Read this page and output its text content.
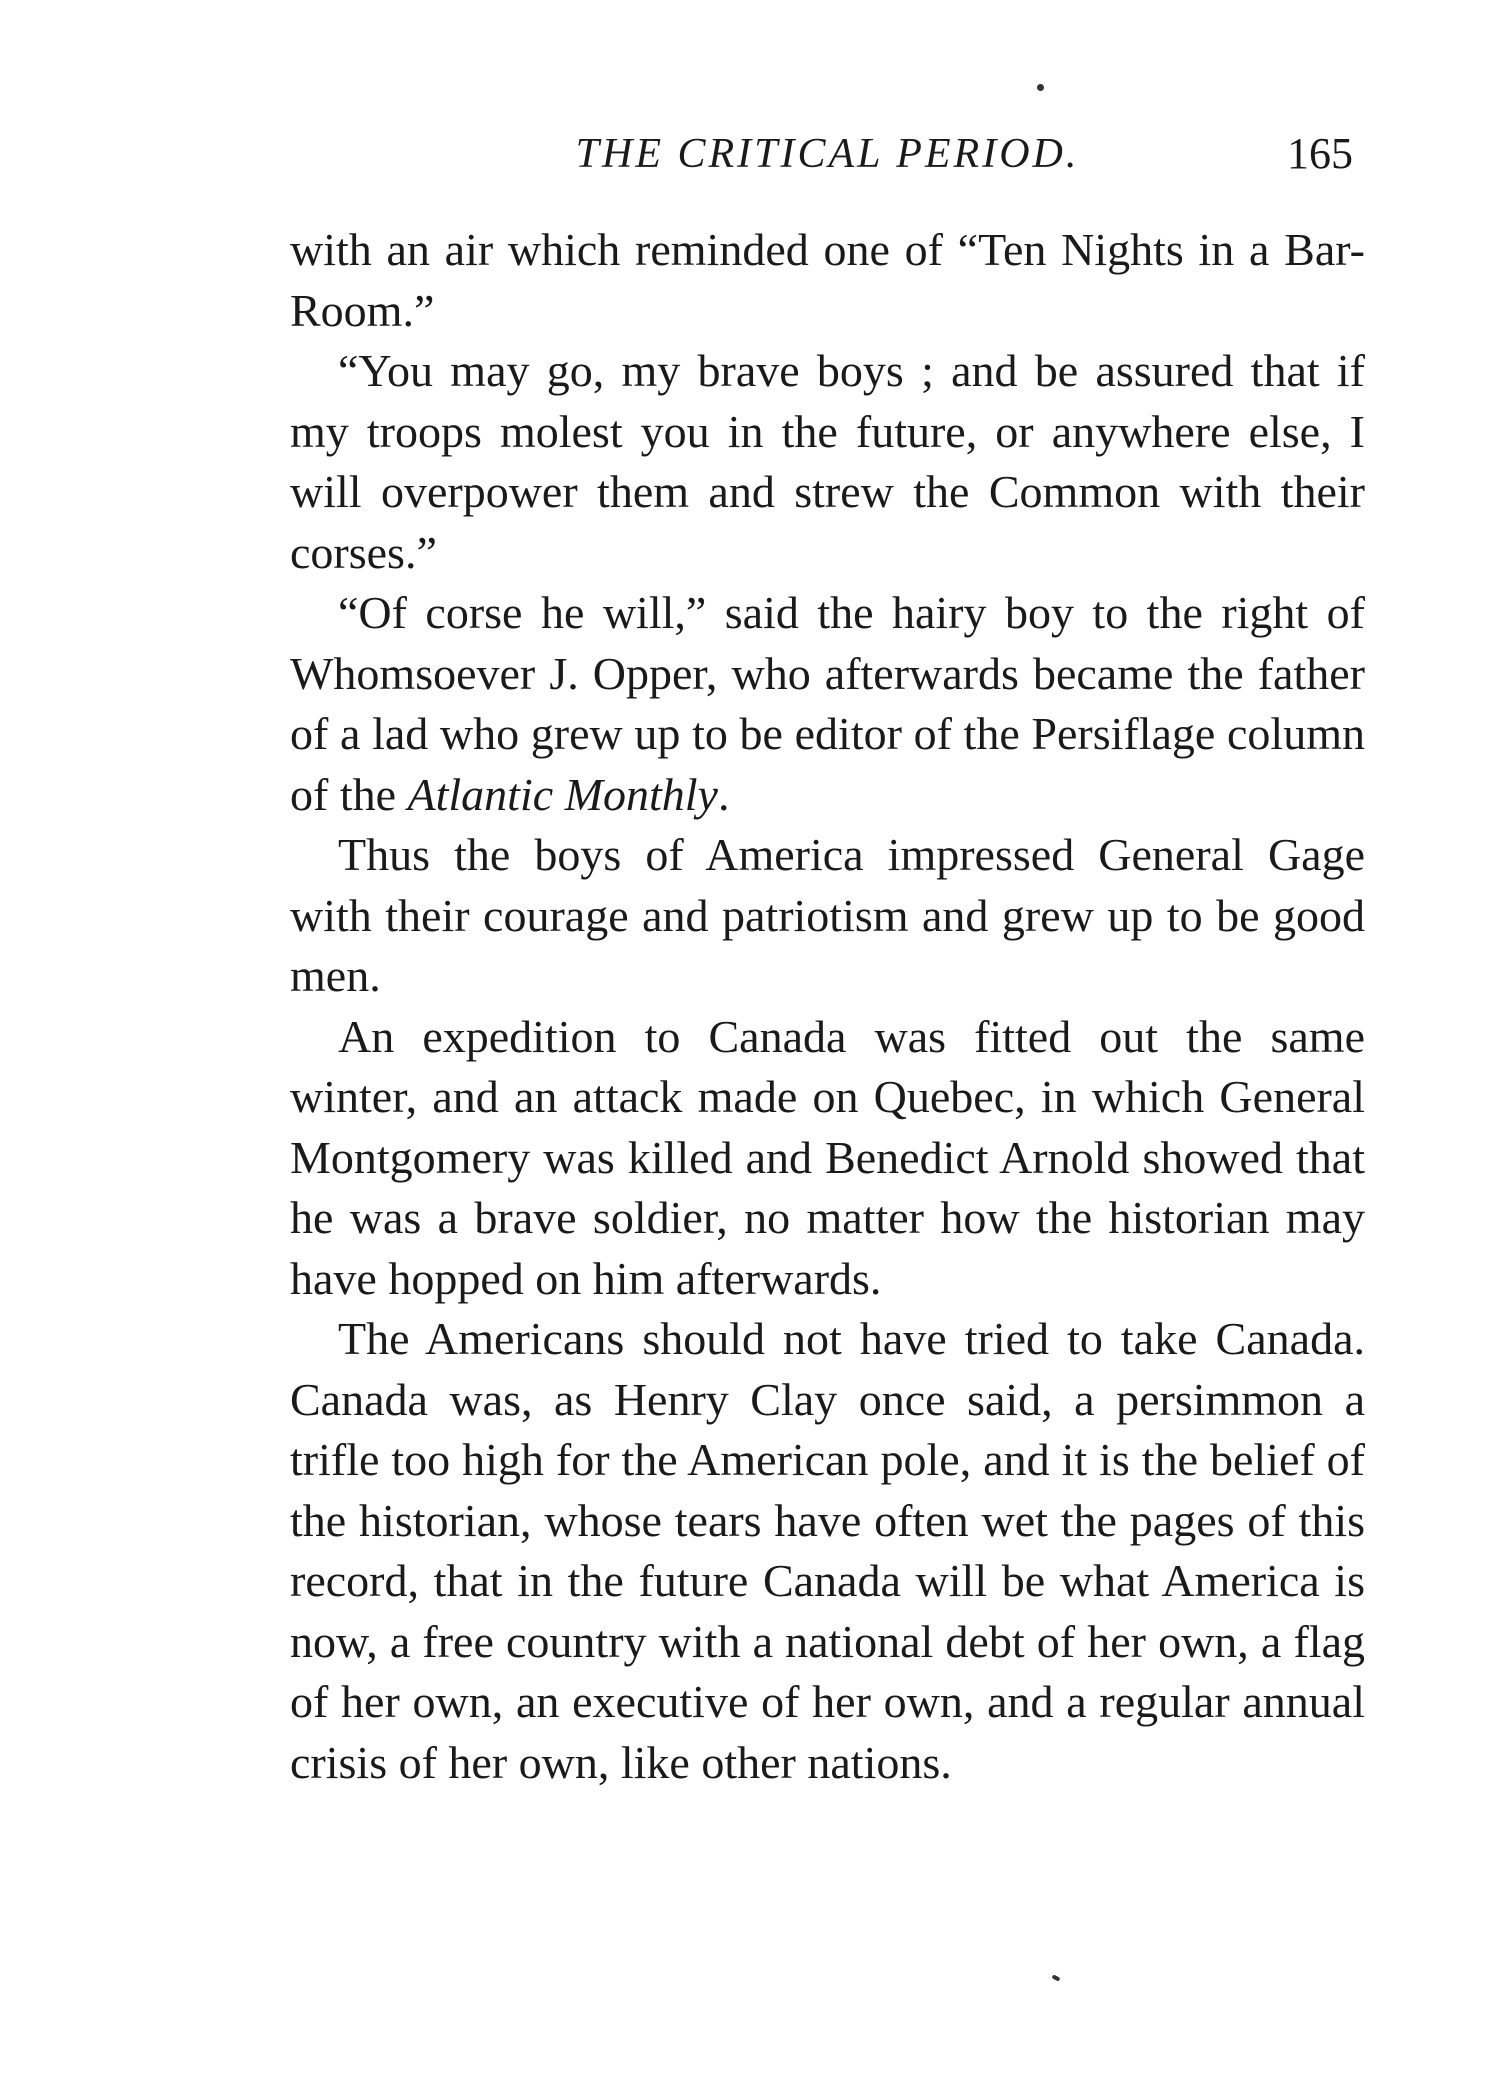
THE CRITICAL PERIOD.	165

with an air which reminded one of “Ten Nights in a Bar-Room.”

“You may go, my brave boys ; and be assured that if my troops molest you in the future, or anywhere else, I will overpower them and strew the Common with their corses.”

“Of corse he will,” said the hairy boy to the right of Whomsoever J. Opper, who afterwards became the father of a lad who grew up to be editor of the Persiflage column of the Atlantic Monthly.

Thus the boys of America impressed General Gage with their courage and patriotism and grew up to be good men.

An expedition to Canada was fitted out the same winter, and an attack made on Quebec, in which General Montgomery was killed and Benedict Arnold showed that he was a brave soldier, no matter how the historian may have hopped on him afterwards.

The Americans should not have tried to take Canada. Canada was, as Henry Clay once said, a persimmon a trifle too high for the American pole, and it is the belief of the historian, whose tears have often wet the pages of this record, that in the future Canada will be what America is now, a free country with a national debt of her own, a flag of her own, an executive of her own, and a regular annual crisis of her own, like other nations.
